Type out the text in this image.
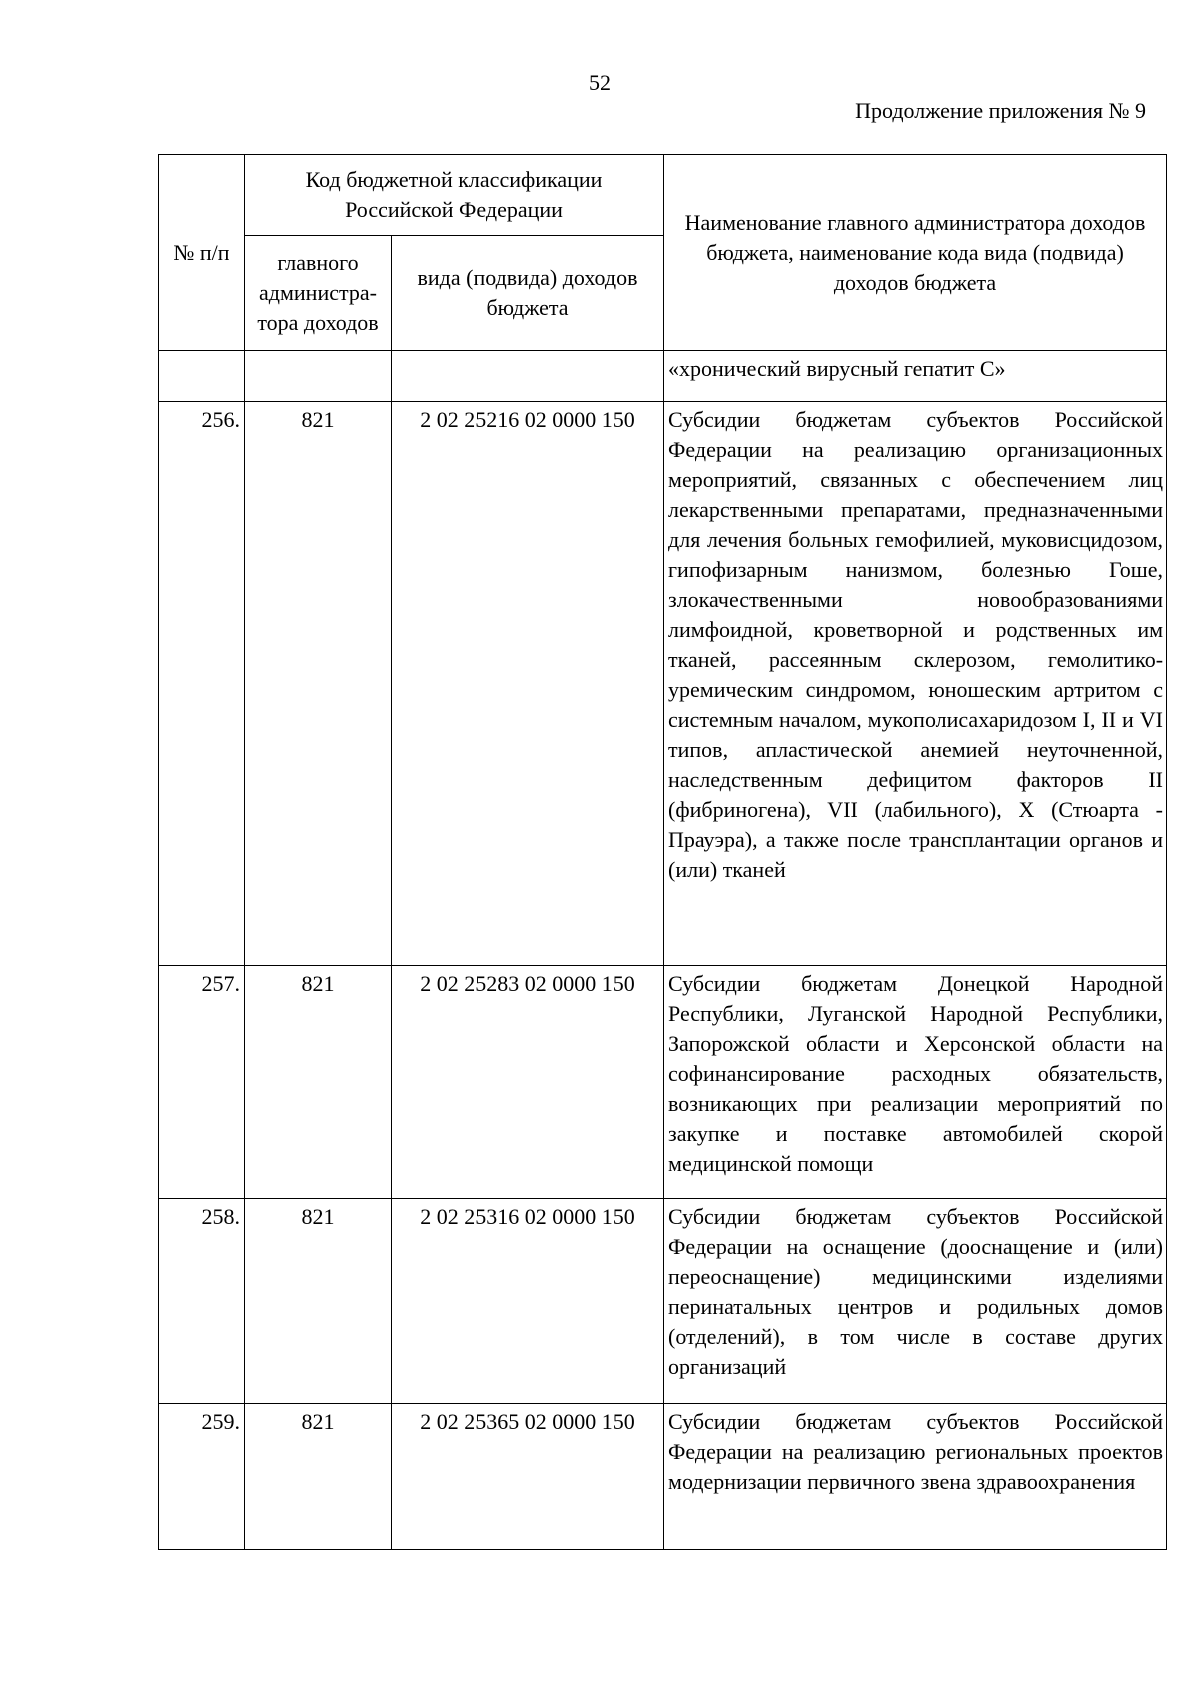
52
Продолжение приложения № 9
№ п/п	Код бюджетной классификации Российской Федерации		Наименование главного администратора доходов бюджета, наименование кода вида (подвида) доходов бюджета

	главного администра-тора доходов	вида (подвида) доходов бюджета	

			«хронический вирусный гепатит С»

256.	821	2 02 25216 02 0000 150	Субсидии бюджетам субъектов Российской Федерации на реализацию организационных мероприятий, связанных с обеспечением лиц лекарственными препаратами, предназначенными для лечения больных гемофилией, муковисцидозом, гипофизарным нанизмом, болезнью Гоше, злокачественными новообразованиями лимфоидной, кроветворной и родственных им тканей, рассеянным склерозом, гемолитико-уремическим синдромом, юношеским артритом с системным началом, мукополисахаридозом I, II и VI типов, апластической анемией неуточненной, наследственным дефицитом факторов II (фибриногена), VII (лабильного), X (Стюарта - Прауэра), а также после трансплантации органов и (или) тканей

257.	821	2 02 25283 02 0000 150	Субсидии бюджетам Донецкой Народной Республики, Луганской Народной Республики, Запорожской области и Херсонской области на софинансирование расходных обязательств, возникающих при реализации мероприятий по закупке и поставке автомобилей скорой медицинской помощи

258.	821	2 02 25316 02 0000 150	Субсидии бюджетам субъектов Российской Федерации на оснащение (дооснащение и (или) переоснащение) медицинскими изделиями перинатальных центров и родильных домов (отделений), в том числе в составе других организаций

259.	821	2 02 25365 02 0000 150	Субсидии бюджетам субъектов Российской Федерации на реализацию региональных проектов модернизации первичного звена здравоохранения
